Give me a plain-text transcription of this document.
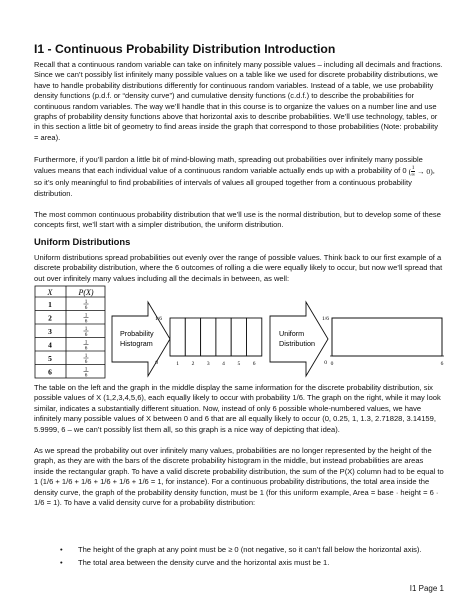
I1 - Continuous Probability Distribution Introduction
Recall that a continuous random variable can take on infinitely many possible values – including all decimals and fractions. Since we can’t possibly list infinitely many possible values on a table like we used for discrete probability distributions, we have to handle probability distributions differently for continuous random variables. Instead of a table, we use probability density functions (p.d.f. or “density curve”) and cumulative density functions (c.d.f.) to describe the probabilities for continuous random variables. The way we’ll handle that in this course is to organize the values on a number line and use graphs of probability density functions above that horizontal axis to describe probabilities. We’ll use technology, tables, or in this section a little bit of geometry to find areas inside the graph that correspond to those probabilities (Note: probability = area).
Furthermore, if you’ll pardon a little bit of mind-blowing math, spreading out probabilities over infinitely many possible values means that each individual value of a continuous random variable actually ends up with a probability of 0 ( $\frac{1}{\infty} \to 0$), so it’s only meaningful to find probabilities of intervals of values all grouped together from a continuous probability distribution.
The most common continuous probability distribution that we’ll use is the normal distribution, but to develop some of these concepts first, we’ll start with a simpler distribution, the uniform distribution.
Uniform Distributions
Uniform distributions spread probabilities out evenly over the range of possible values. Think back to our first example of a discrete probability distribution, where the 6 outcomes of rolling a die were equally likely to occur, but now we’ll spread that out over infinitely many values including all the decimals in between, as well:
X	P(X)
1	1
6
2	1
6
3	1
6
4	1
6
5	1
6
6	1
6
Probability
Histogram
1/6
0	1 2 3 4 5 6
Uniform
Distribution
1/6
0 0	6
The table on the left and the graph in the middle display the same information for the discrete probability distribution, six possible values of X (1,2,3,4,5,6), each equally likely to occur with probability 1/6. The graph on the right, while it may look similar, indicates a substantially different situation. Now, instead of only 6 possible whole-numbered values, we have infinitely many possible values of X between 0 and 6 that are all equally likely to occur (0, 0.25, 1, 1.3, 2.71828, 3.14159, 5.9999, 6 – we can’t possibly list them all, so this graph is a nice way of depicting that idea).
As we spread the probability out over infinitely many values, probabilities are no longer represented by the height of the graph, as they are with the bars of the discrete probability histogram in the middle, but instead probabilities are areas inside the rectangular graph. To have a valid discrete probability distribution, the sum of the P(X) column had to be equal to 1 (1/6 + 1/6 + 1/6 + 1/6 + 1/6 + 1/6 = 1, for instance). For a continuous probability distributions, the total area inside the density curve, the graph of the probability density function, must be 1 (for this uniform example, Area = base · height = 6 · 1/6 = 1). To have a valid density curve for a probability distribution:
• The height of the graph at any point must be ≥ 0 (not negative, so it can’t fall below the horizontal axis).
• The total area between the density curve and the horizontal axis must be 1.
I1 Page 1
